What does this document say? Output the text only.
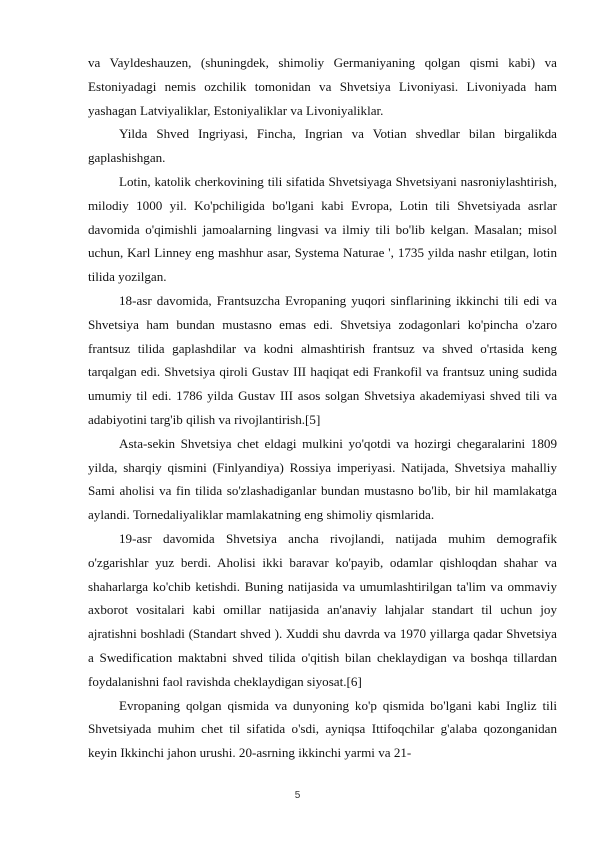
va Vayldeshauzen, (shuningdek, shimoliy Germaniyaning qolgan qismi kabi) va Estoniyadagi nemis ozchilik tomonidan va Shvetsiya Livoniyasi. Livoniyada ham yashagan Latviyaliklar, Estoniyaliklar va Livoniyaliklar.

Yilda Shved Ingriyasi, Fincha, Ingrian va Votian shvedlar bilan birgalikda gaplashishgan.

Lotin, katolik cherkovining tili sifatida Shvetsiyaga Shvetsiyani nasroniylashtirish, milodiy 1000 yil. Ko'pchiligida bo'lgani kabi Evropa, Lotin tili Shvetsiyada asrlar davomida o'qimishli jamoalarning lingvasi va ilmiy tili bo'lib kelgan. Masalan; misol uchun, Karl Linney eng mashhur asar, Systema Naturae ', 1735 yilda nashr etilgan, lotin tilida yozilgan.

18-asr davomida, Frantsuzcha Evropaning yuqori sinflarining ikkinchi tili edi va Shvetsiya ham bundan mustasno emas edi. Shvetsiya zodagonlari ko'pincha o'zaro frantsuz tilida gaplashdilar va kodni almashtirish frantsuz va shved o'rtasida keng tarqalgan edi. Shvetsiya qiroli Gustav III haqiqat edi Frankofil va frantsuz uning sudida umumiy til edi. 1786 yilda Gustav III asos solgan Shvetsiya akademiyasi shved tili va adabiyotini targ'ib qilish va rivojlantirish.[5]

Asta-sekin Shvetsiya chet eldagi mulkini yo'qotdi va hozirgi chegaralarini 1809 yilda, sharqiy qismini (Finlyandiya) Rossiya imperiyasi. Natijada, Shvetsiya mahalliy Sami aholisi va fin tilida so'zlashadiganlar bundan mustasno bo'lib, bir hil mamlakatga aylandi. Tornedaliyaliklar mamlakatning eng shimoliy qismlarida.

19-asr davomida Shvetsiya ancha rivojlandi, natijada muhim demografik o'zgarishlar yuz berdi. Aholisi ikki baravar ko'payib, odamlar qishloqdan shahar va shaharlarga ko'chib ketishdi. Buning natijasida va umumlashtirilgan ta'lim va ommaviy axborot vositalari kabi omillar natijasida an'anaviy lahjalar standart til uchun joy ajratishni boshladi (Standart shved ). Xuddi shu davrda va 1970 yillarga qadar Shvetsiya a Swedification maktabni shved tilida o'qitish bilan cheklaydigan va boshqa tillardan foydalanishni faol ravishda cheklaydigan siyosat.[6]

Evropaning qolgan qismida va dunyoning ko'p qismida bo'lgani kabi Ingliz tili Shvetsiyada muhim chet til sifatida o'sdi, ayniqsa Ittifoqchilar g'alaba qozonganidan keyin Ikkinchi jahon urushi. 20-asrning ikkinchi yarmi va 21-

5
